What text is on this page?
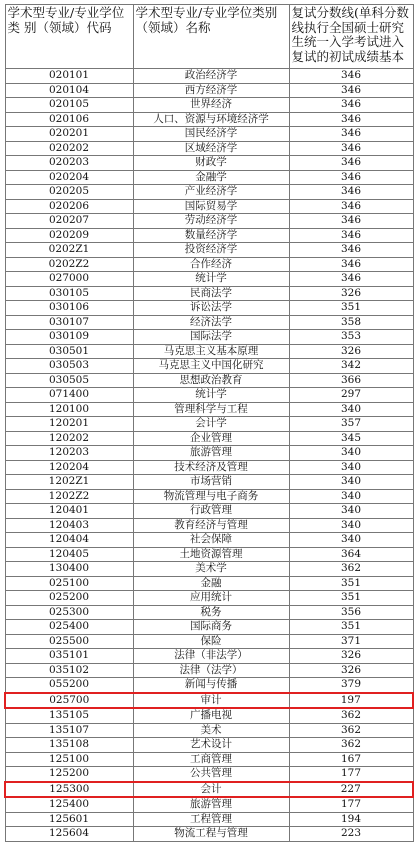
学术型专业/专业学位类 别（领域）代码	学术型专业/专业学位类别（领域）名称	复试分数线(单科分数线执行全国硕士研究生统一入学考试进入复试的初试成绩基本
020101	政治经济学	346
020104	西方经济学	346
020105	世界经济	346
020106	人口、资源与环境经济学	346
020201	国民经济学	346
020202	区域经济学	346
020203	财政学	346
020204	金融学	346
020205	产业经济学	346
020206	国际贸易学	346
020207	劳动经济学	346
020209	数量经济学	346
0202Z1	投资经济学	346
0202Z2	合作经济	346
027000	统计学	346
030105	民商法学	326
030106	诉讼法学	351
030107	经济法学	358
030109	国际法学	353
030501	马克思主义基本原理	326
030503	马克思主义中国化研究	342
030505	思想政治教育	366
071400	统计学	297
120100	管理科学与工程	340
120201	会计学	357
120202	企业管理	345
120203	旅游管理	340
120204	技术经济及管理	340
1202Z1	市场营销	340
1202Z2	物流管理与电子商务	340
120401	行政管理	340
120403	教育经济与管理	340
120404	社会保障	340
120405	土地资源管理	364
130400	美术学	362
025100	金融	351
025200	应用统计	351
025300	税务	356
025400	国际商务	351
025500	保险	371
035101	法律（非法学）	326
035102	法律（法学）	326
055200	新闻与传播	379
025700	审计	197
135105	广播电视	362
135107	美术	362
135108	艺术设计	362
125100	工商管理	167
125200	公共管理	177
125300	会计	227
125400	旅游管理	177
125601	工程管理	194
125604	物流工程与管理	223
